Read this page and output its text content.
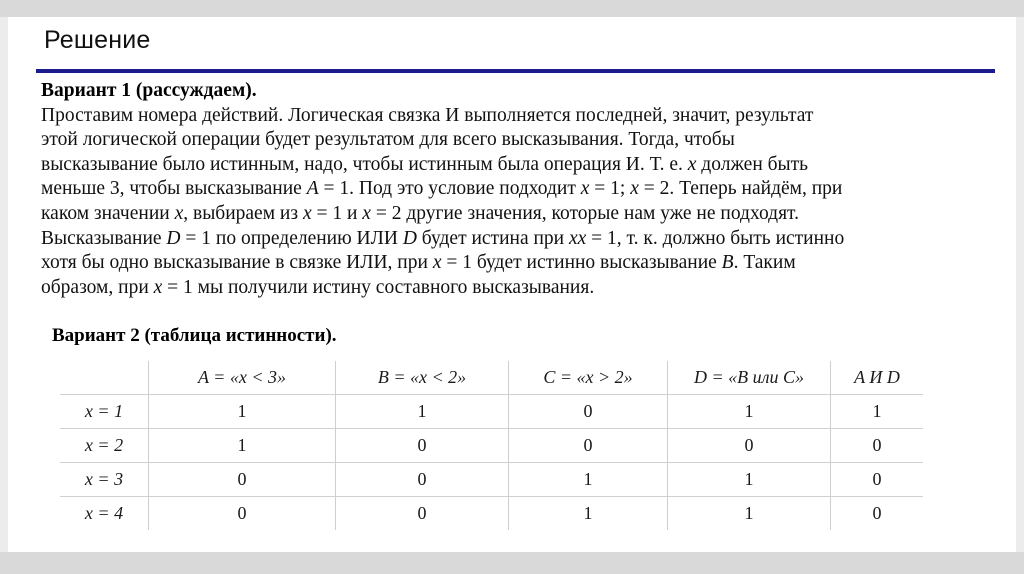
Решение

Вариант 1 (рассуждаем).

Проставим номера действий. Логическая связка И выполняется последней, значит, результат
этой логической операции будет результатом для всего высказывания. Тогда, чтобы
высказывание было истинным, надо, чтобы истинным была операция И. Т. е. x должен быть
меньше 3, чтобы высказывание A = 1. Под это условие подходит x = 1; x = 2. Теперь найдём, при
каком значении x, выбираем из x = 1 и x = 2 другие значения, которые нам уже не подходят.
Высказывание D = 1 по определению ИЛИ D будет истина при xx = 1, т. к. должно быть истинно
хотя бы одно высказывание в связке ИЛИ, при x = 1 будет истинно высказывание B. Таким
образом, при x = 1 мы получили истину составного высказывания.
Вариант 2 (таблица истинности).
	A = «x < 3»	B = «x < 2»	C = «x > 2»	D = «B или C»	A И D
x = 1	1	1	0	1	1
x = 2	1	0	0	0	0
x = 3	0	0	1	1	0
x = 4	0	0	1	1	0
